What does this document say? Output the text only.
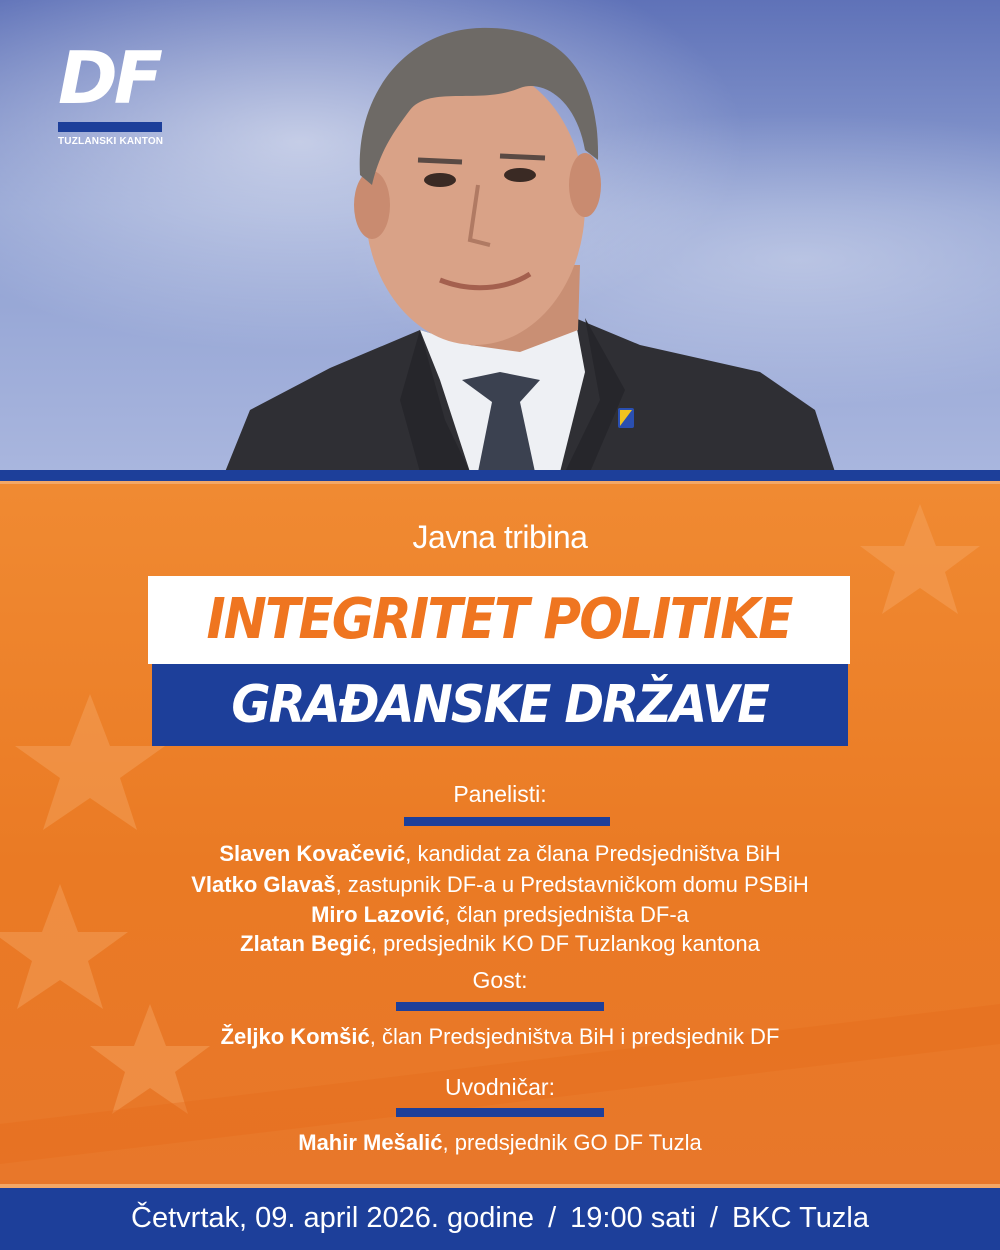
DF
TUZLANSKI KANTON
Javna tribina
INTEGRITET POLITIKE
GRAĐANSKE DRŽAVE
Panelisti:
Slaven Kovačević, kandidat za člana Predsjedništva BiH
Vlatko Glavaš, zastupnik DF-a u Predstavničkom domu PSBiH
Miro Lazović, član predsjedništa DF-a
Zlatan Begić, predsjednik KO DF Tuzlankog kantona
Gost:
Željko Komšić, član Predsjedništva BiH i predsjednik DF
Uvodničar:
Mahir Mešalić, predsjednik GO DF Tuzla
Četvrtak, 09. april 2026. godine / 19:00 sati / BKC Tuzla
